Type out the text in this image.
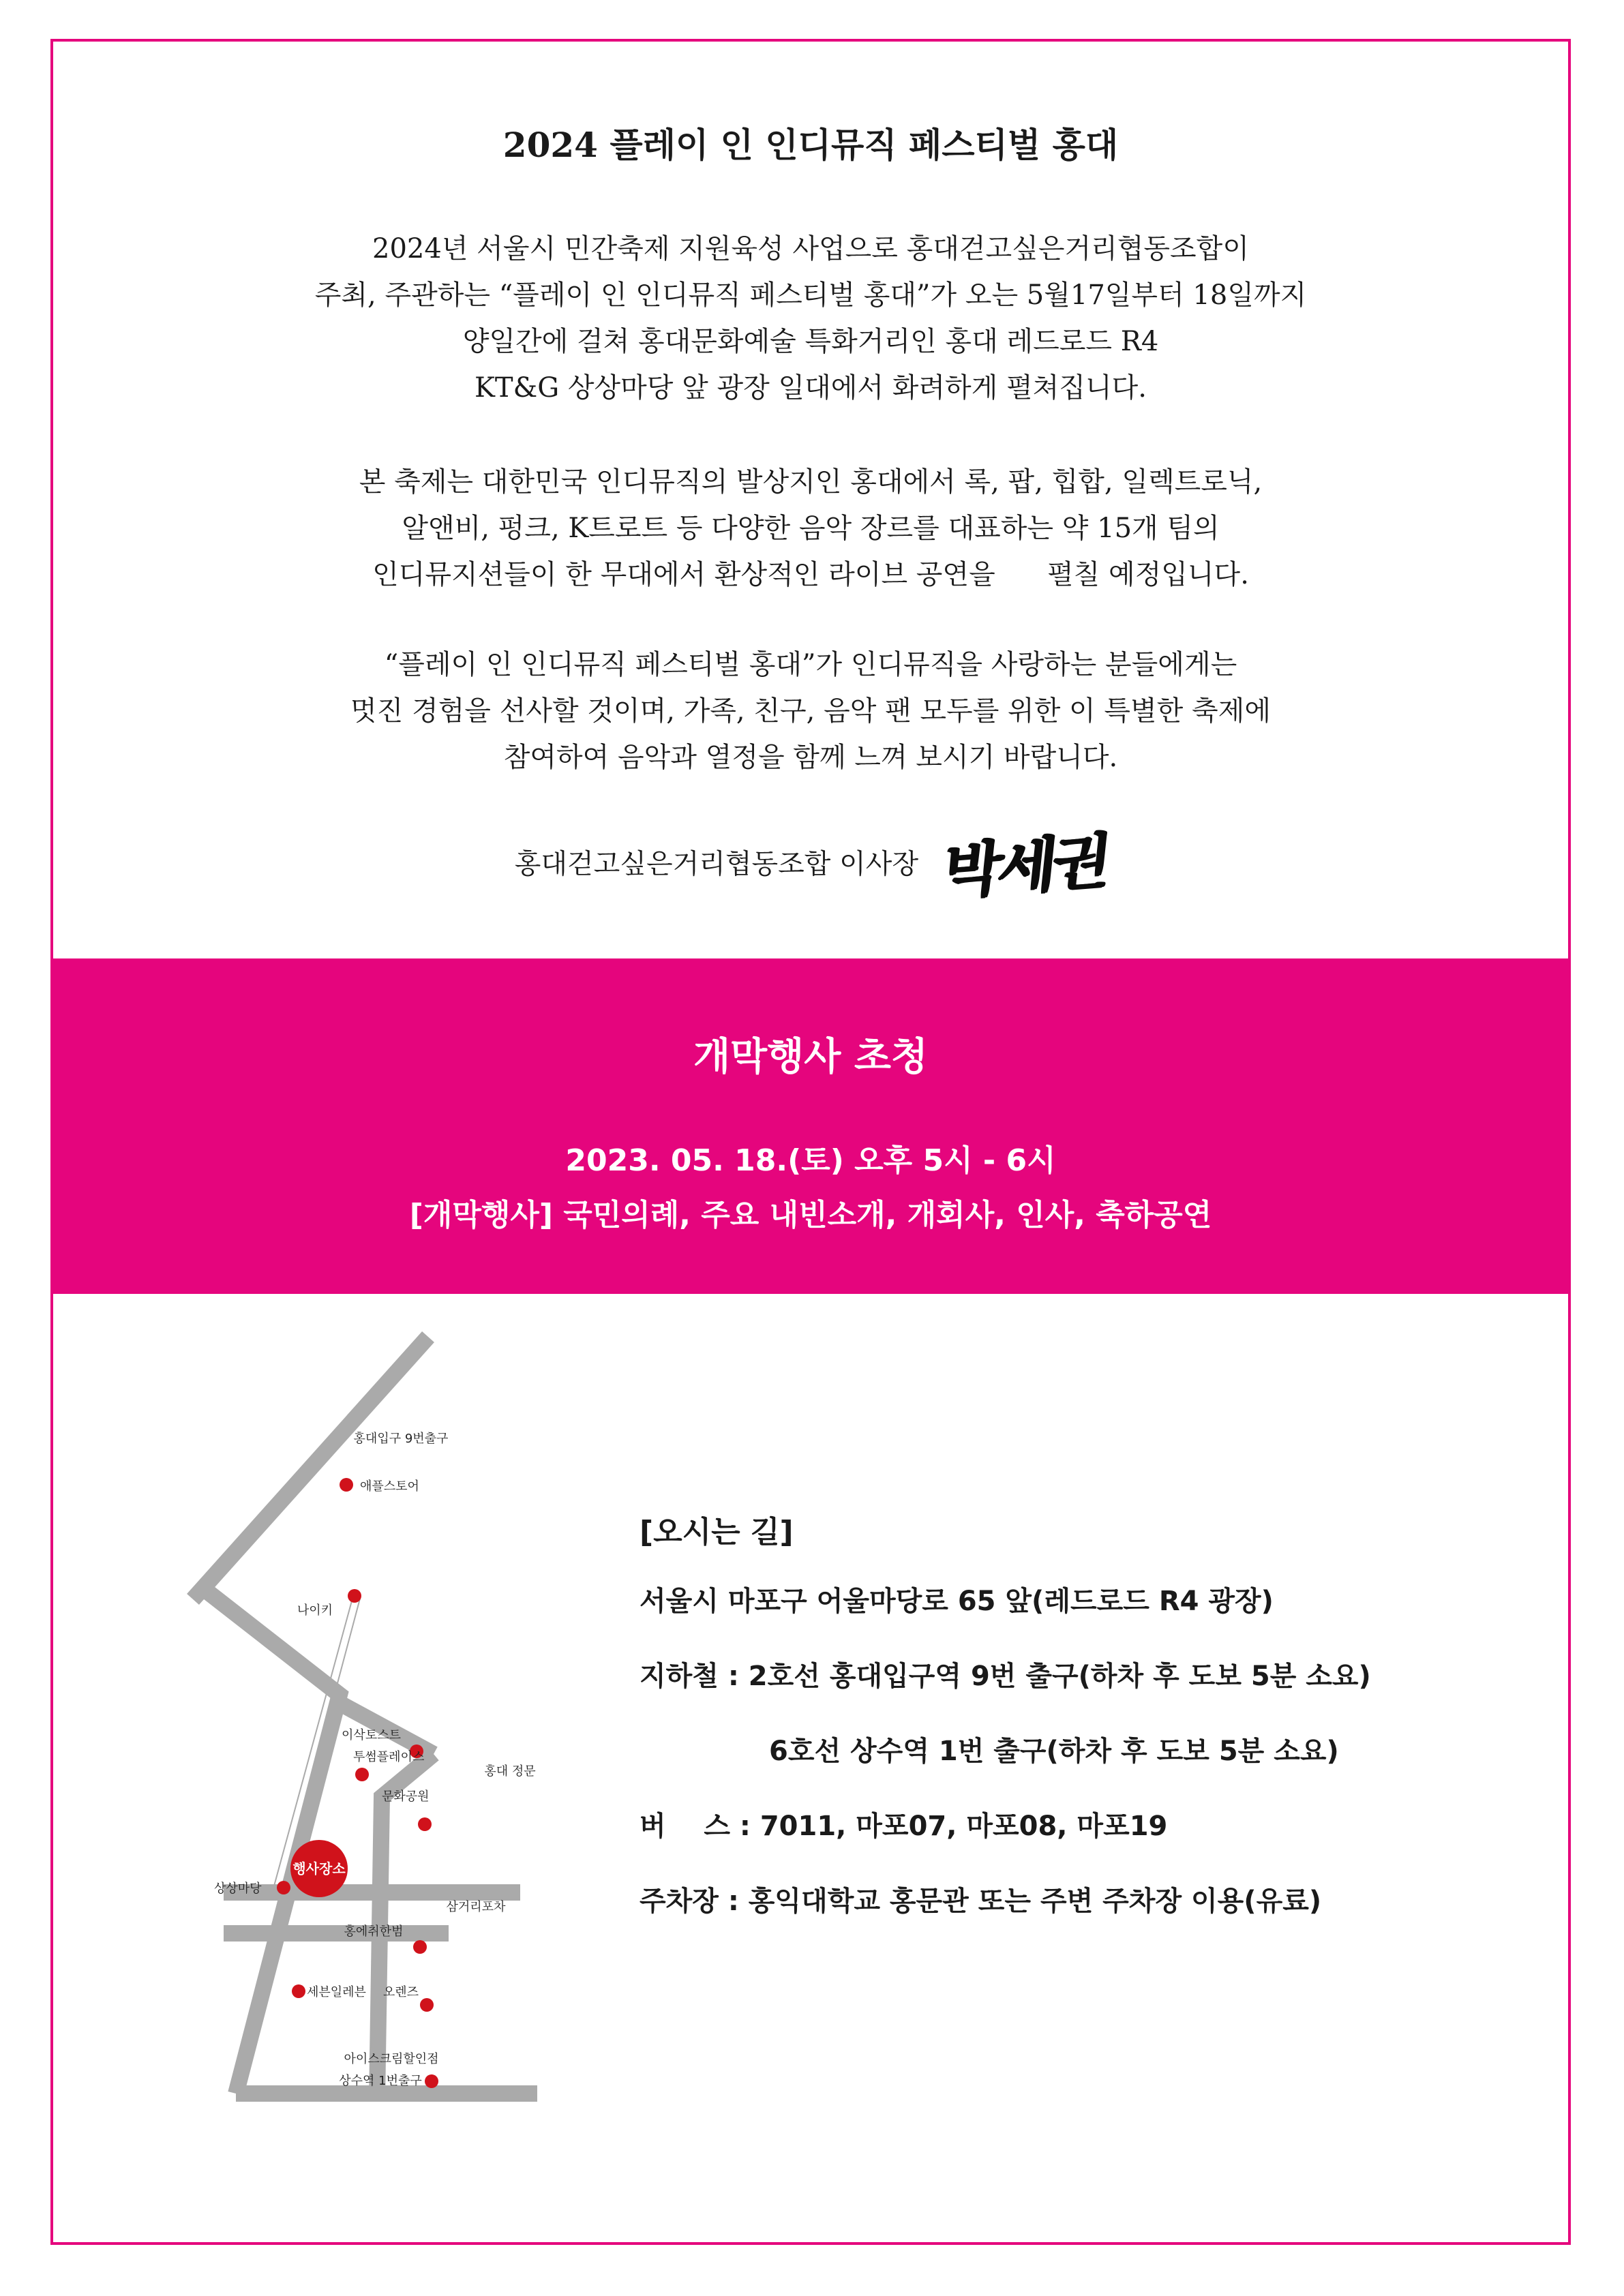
2024 플레이 인 인디뮤직 페스티벌 홍대

2024년 서울시 민간축제 지원육성 사업으로 홍대걷고싶은거리협동조합이
주최, 주관하는 “플레이 인 인디뮤직 페스티벌 홍대”가 오는 5월17일부터 18일까지
양일간에 걸쳐 홍대문화예술 특화거리인 홍대 레드로드 R4
KT&G 상상마당 앞 광장 일대에서 화려하게 펼쳐집니다.

본 축제는 대한민국 인디뮤직의 발상지인 홍대에서 록, 팝, 힙합, 일렉트로닉,
알앤비, 펑크, K트로트 등 다양한 음악 장르를 대표하는 약 15개 팀의
인디뮤지션들이 한 무대에서 환상적인 라이브 공연을      펼칠 예정입니다.

“플레이 인 인디뮤직 페스티벌 홍대”가 인디뮤직을 사랑하는 분들에게는
멋진 경험을 선사할 것이며, 가족, 친구, 음악 팬 모두를 위한 이 특별한 축제에
참여하여 음악과 열정을 함께 느껴 보시기 바랍니다.

홍대걷고싶은거리협동조합 이사장 박세권
개막행사 초청
2023. 05. 18.(토) 오후 5시 - 6시
[개막행사] 국민의례, 주요 내빈소개, 개회사, 인사, 축하공연
행사장소
홍대입구 9번출구
애플스토어
나이키
이삭토스트
투썸플레이스
홍대 정문
문화공원
상상마당
삼거리포차
홍에취한범
세븐일레븐 오렌즈
아이스크림할인점
상수역 1번출구
[오시는 길]

서울시 마포구 어울마당로 65 앞(레드로드 R4 광장)

지하철 : 2호선 홍대입구역 9번 출구(하차 후 도보 5분 소요)

6호선 상수역 1번 출구(하차 후 도보 5분 소요)

버    스 : 7011, 마포07, 마포08, 마포19

주차장 : 홍익대학교 홍문관 또는 주변 주차장 이용(유료)
